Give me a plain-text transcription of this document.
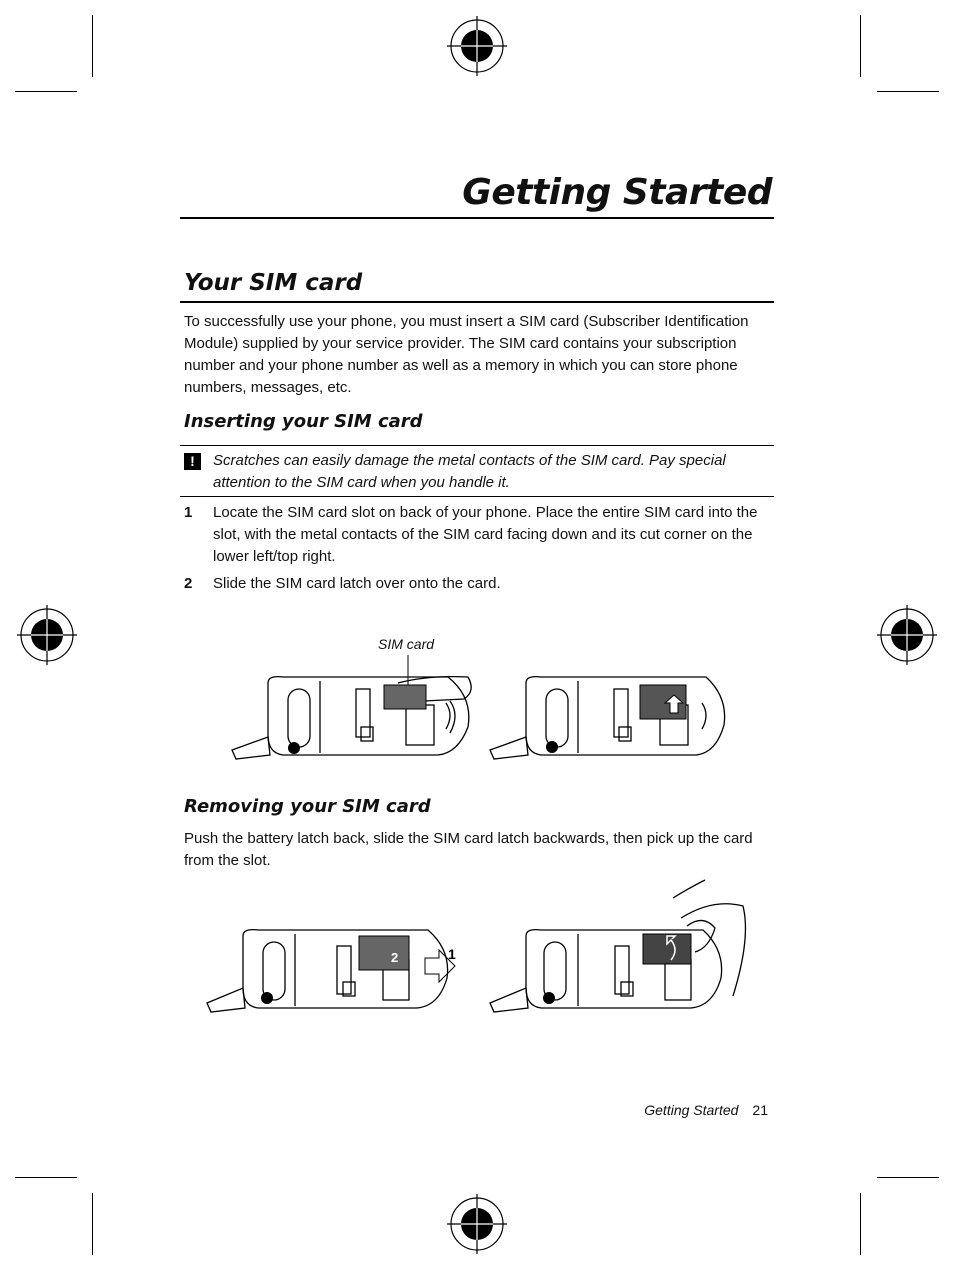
Getting Started
Your SIM card
To successfully use your phone, you must insert a SIM card (Subscriber Identification Module) supplied by your service provider. The SIM card contains your subscription number and your phone number as well as a memory in which you can store phone numbers, messages, etc.
Inserting your SIM card
!	Scratches can easily damage the metal contacts of the SIM card. Pay special attention to the SIM card when you handle it.
1 Locate the SIM card slot on back of your phone. Place the entire SIM card into the slot, with the metal contacts of the SIM card facing down and its cut corner on the lower left/top right.
2 Slide the SIM card latch over onto the card.
SIM card
Removing your SIM card
Push the battery latch back, slide the SIM card latch backwards, then pick up the card from the slot.
2	1
Getting Started 21
